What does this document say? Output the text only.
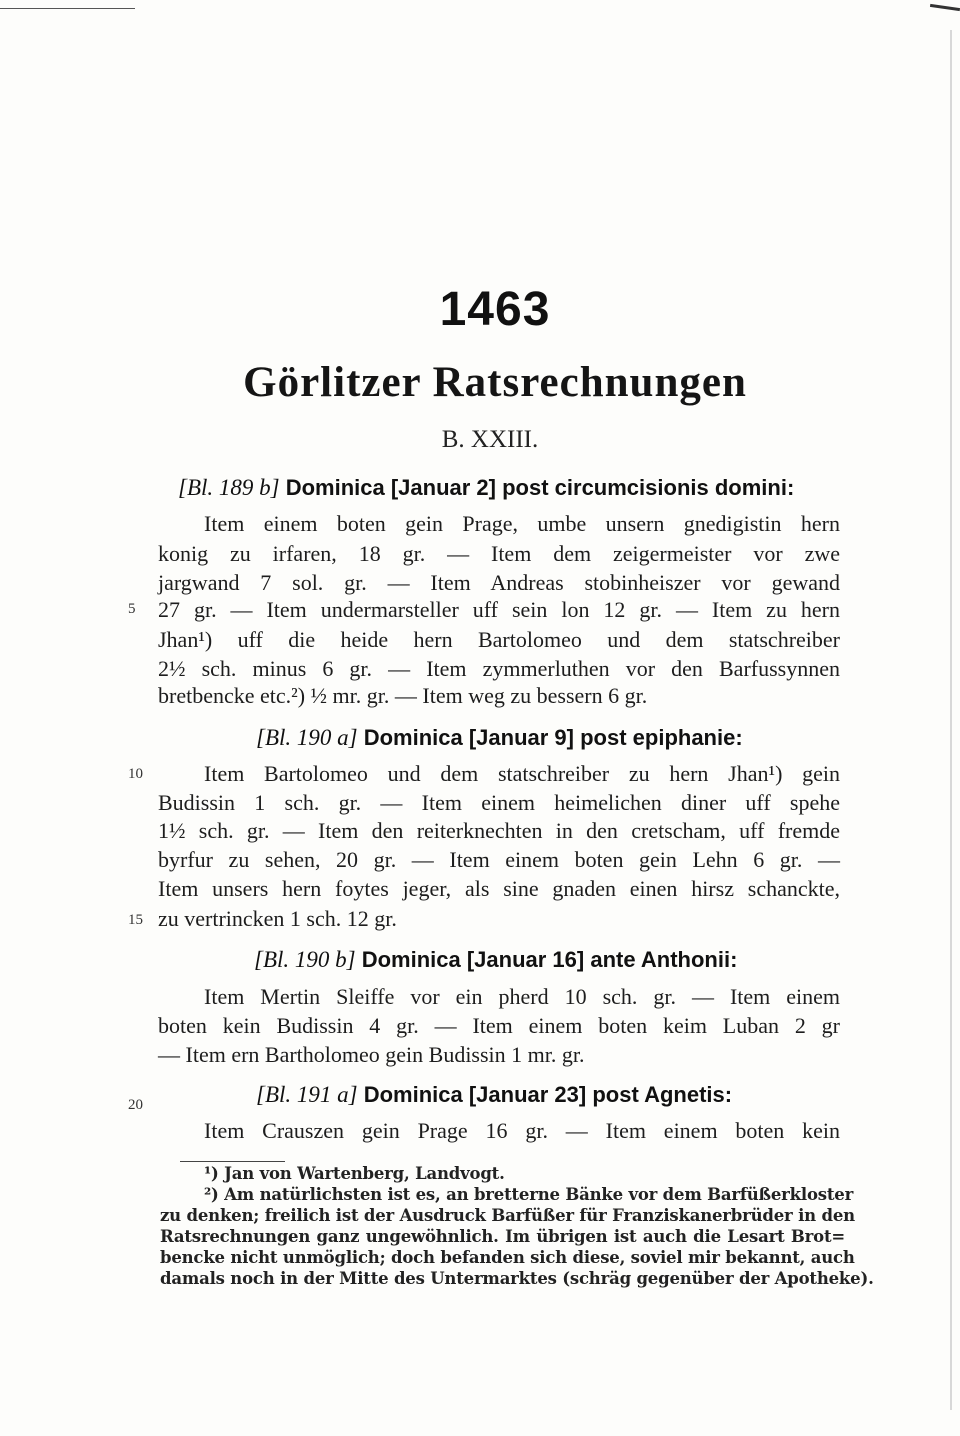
1463
Görlitzer Ratsrechnungen
B. XXIII.
[Bl. 189 b] Dominica [Januar 2] post circumcisionis domini:
Item einem boten gein Prage, umbe unsern gnedigistin hern
konig zu irfaren, 18 gr. — Item dem zeigermeister vor zwe
jargwand 7 sol. gr. — Item Andreas stobinheiszer vor gewand
5	27 gr. — Item undermarsteller uff sein lon 12 gr. — Item zu hern
Jhan¹) uff die heide hern Bartolomeo und dem statschreiber
2½ sch. minus 6 gr. — Item zymmerluthen vor den Barfussynnen
bretbencke etc.²) ½ mr. gr. — Item weg zu bessern 6 gr.
[Bl. 190 a] Dominica [Januar 9] post epiphanie:
10	Item Bartolomeo und dem statschreiber zu hern Jhan¹) gein
Budissin 1 sch. gr. — Item einem heimelichen diner uff spehe
1½ sch. gr. — Item den reiterknechten in den cretscham, uff fremde
byrfur zu sehen, 20 gr. — Item einem boten gein Lehn 6 gr. —
Item unsers hern foytes jeger, als sine gnaden einen hirsz schanckte,
15 zu vertrincken 1 sch. 12 gr.
[Bl. 190 b] Dominica [Januar 16] ante Anthonii:
Item Mertin Sleiffe vor ein pherd 10 sch. gr. — Item einem
boten kein Budissin 4 gr. — Item einem boten keim Luban 2 gr
— Item ern Bartholomeo gein Budissin 1 mr. gr.
20	[Bl. 191 a] Dominica [Januar 23] post Agnetis:
Item Crauszen gein Prage 16 gr. — Item einem boten kein
¹) Jan von Wartenberg, Landvogt.
²) Am natürlichsten ist es, an bretterne Bänke vor dem Barfüßerkloster
zu denken; freilich ist der Ausdruck Barfüßer für Franziskanerbrüder in den
Ratsrechnungen ganz ungewöhnlich. Im übrigen ist auch die Lesart Brot=
bencke nicht unmöglich; doch befanden sich diese, soviel mir bekannt, auch
damals noch in der Mitte des Untermarktes (schräg gegenüber der Apotheke).
